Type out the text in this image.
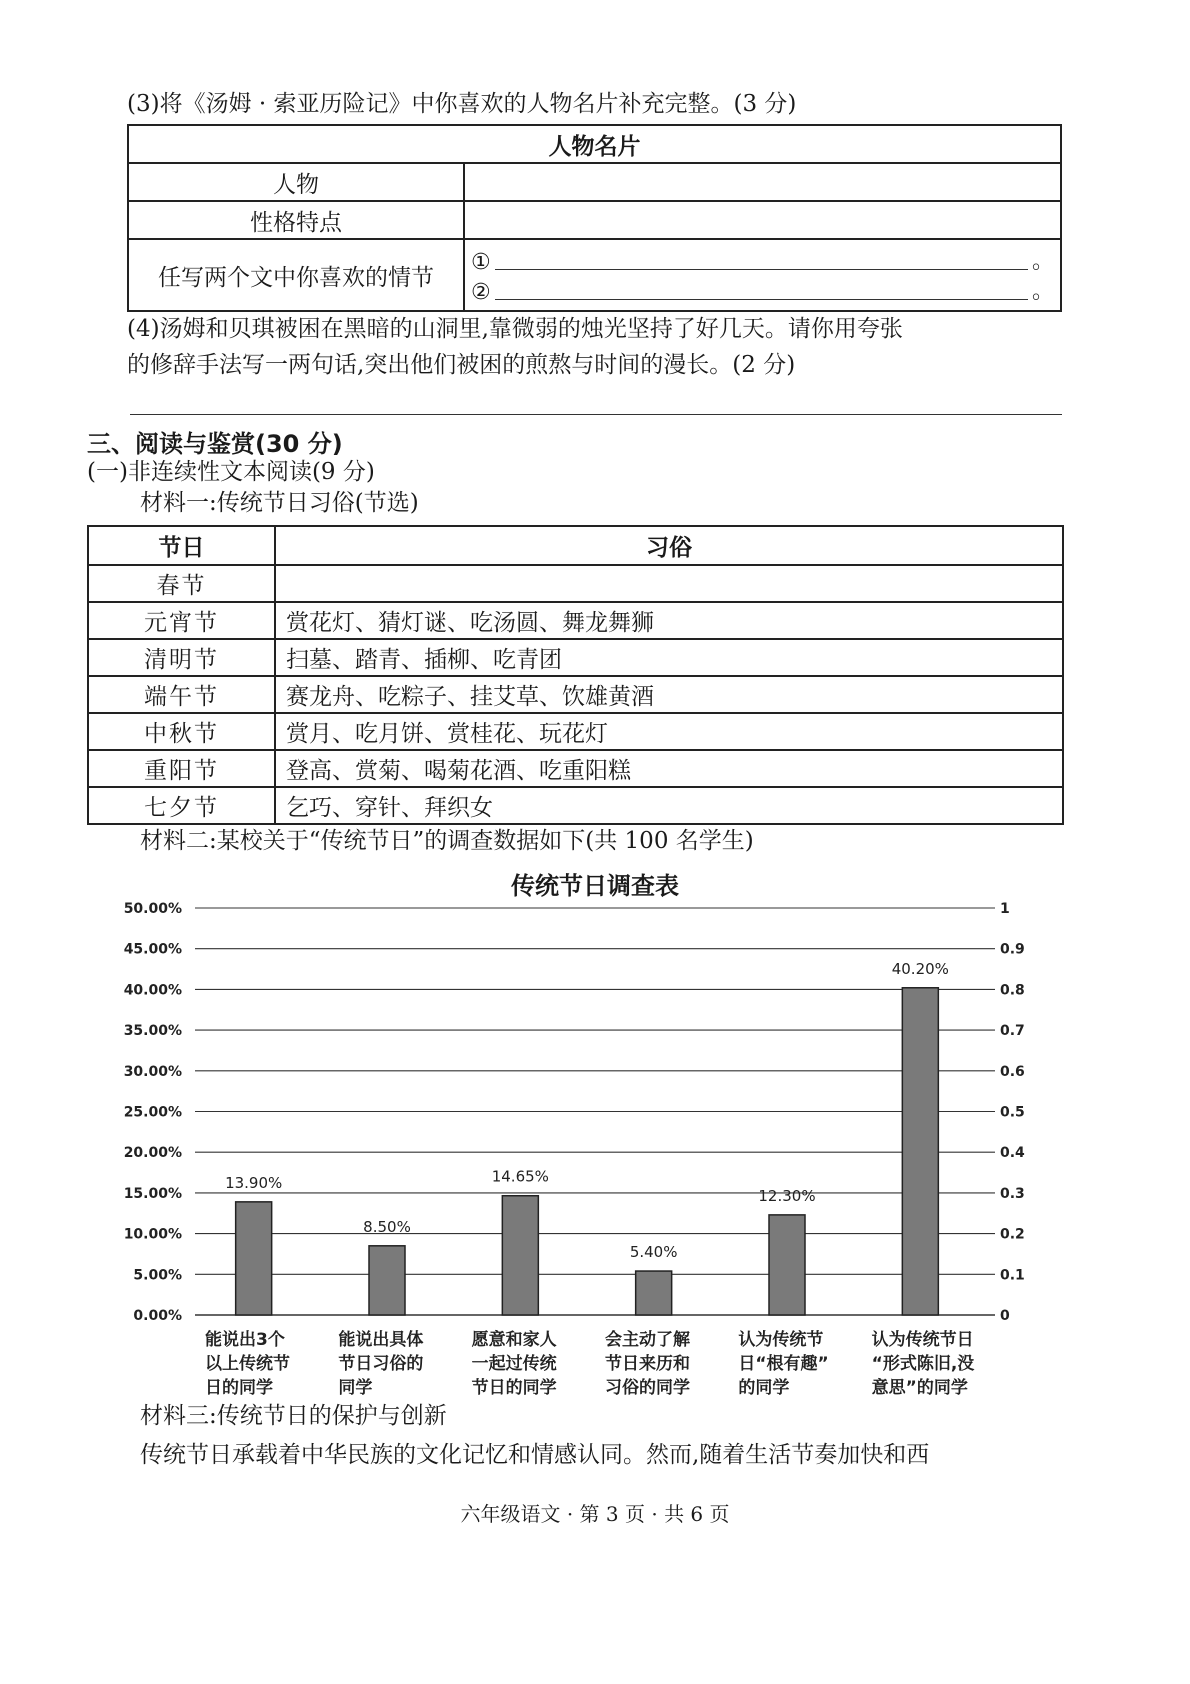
(3)将《汤姆 · 索亚历险记》中你喜欢的人物名片补充完整。(3 分)
人物名片	
人物	
性格特点	
任写两个文中你喜欢的情节	① 。
② 。
(4)汤姆和贝琪被困在黑暗的山洞里,靠微弱的烛光坚持了好几天。请你用夸张
的修辞手法写一两句话,突出他们被困的煎熬与时间的漫长。(2 分)
三、阅读与鉴赏(30 分)
(一)非连续性文本阅读(9 分)
材料一:传统节日习俗(节选)
节日	习俗
春节	
元宵节	赏花灯、猜灯谜、吃汤圆、舞龙舞狮
清明节	扫墓、踏青、插柳、吃青团
端午节	赛龙舟、吃粽子、挂艾草、饮雄黄酒
中秋节	赏月、吃月饼、赏桂花、玩花灯
重阳节	登高、赏菊、喝菊花酒、吃重阳糕
七夕节	乞巧、穿针、拜织女
材料二:某校关于“传统节日”的调查数据如下(共 100 名学生)
传统节日调查表
0.00%	0
5.00%	0.1
10.00%	0.2
15.00%	0.3
20.00%	0.4
25.00%	0.5
30.00%	0.6
35.00%	0.7
40.00%	0.8
45.00%	0.9
50.00%	1
13.90%
能说出3个
以上传统节
日的同学
8.50%
能说出具体
节日习俗的
同学
14.65%
愿意和家人
一起过传统
节日的同学
5.40%
会主动了解
节日来历和
习俗的同学
12.30%
认为传统节
日“根有趣”
的同学
40.20%
认为传统节日
“形式陈旧,没
意思”的同学
材料三:传统节日的保护与创新
传统节日承载着中华民族的文化记忆和情感认同。然而,随着生活节奏加快和西
六年级语文 · 第 3 页 · 共 6 页
